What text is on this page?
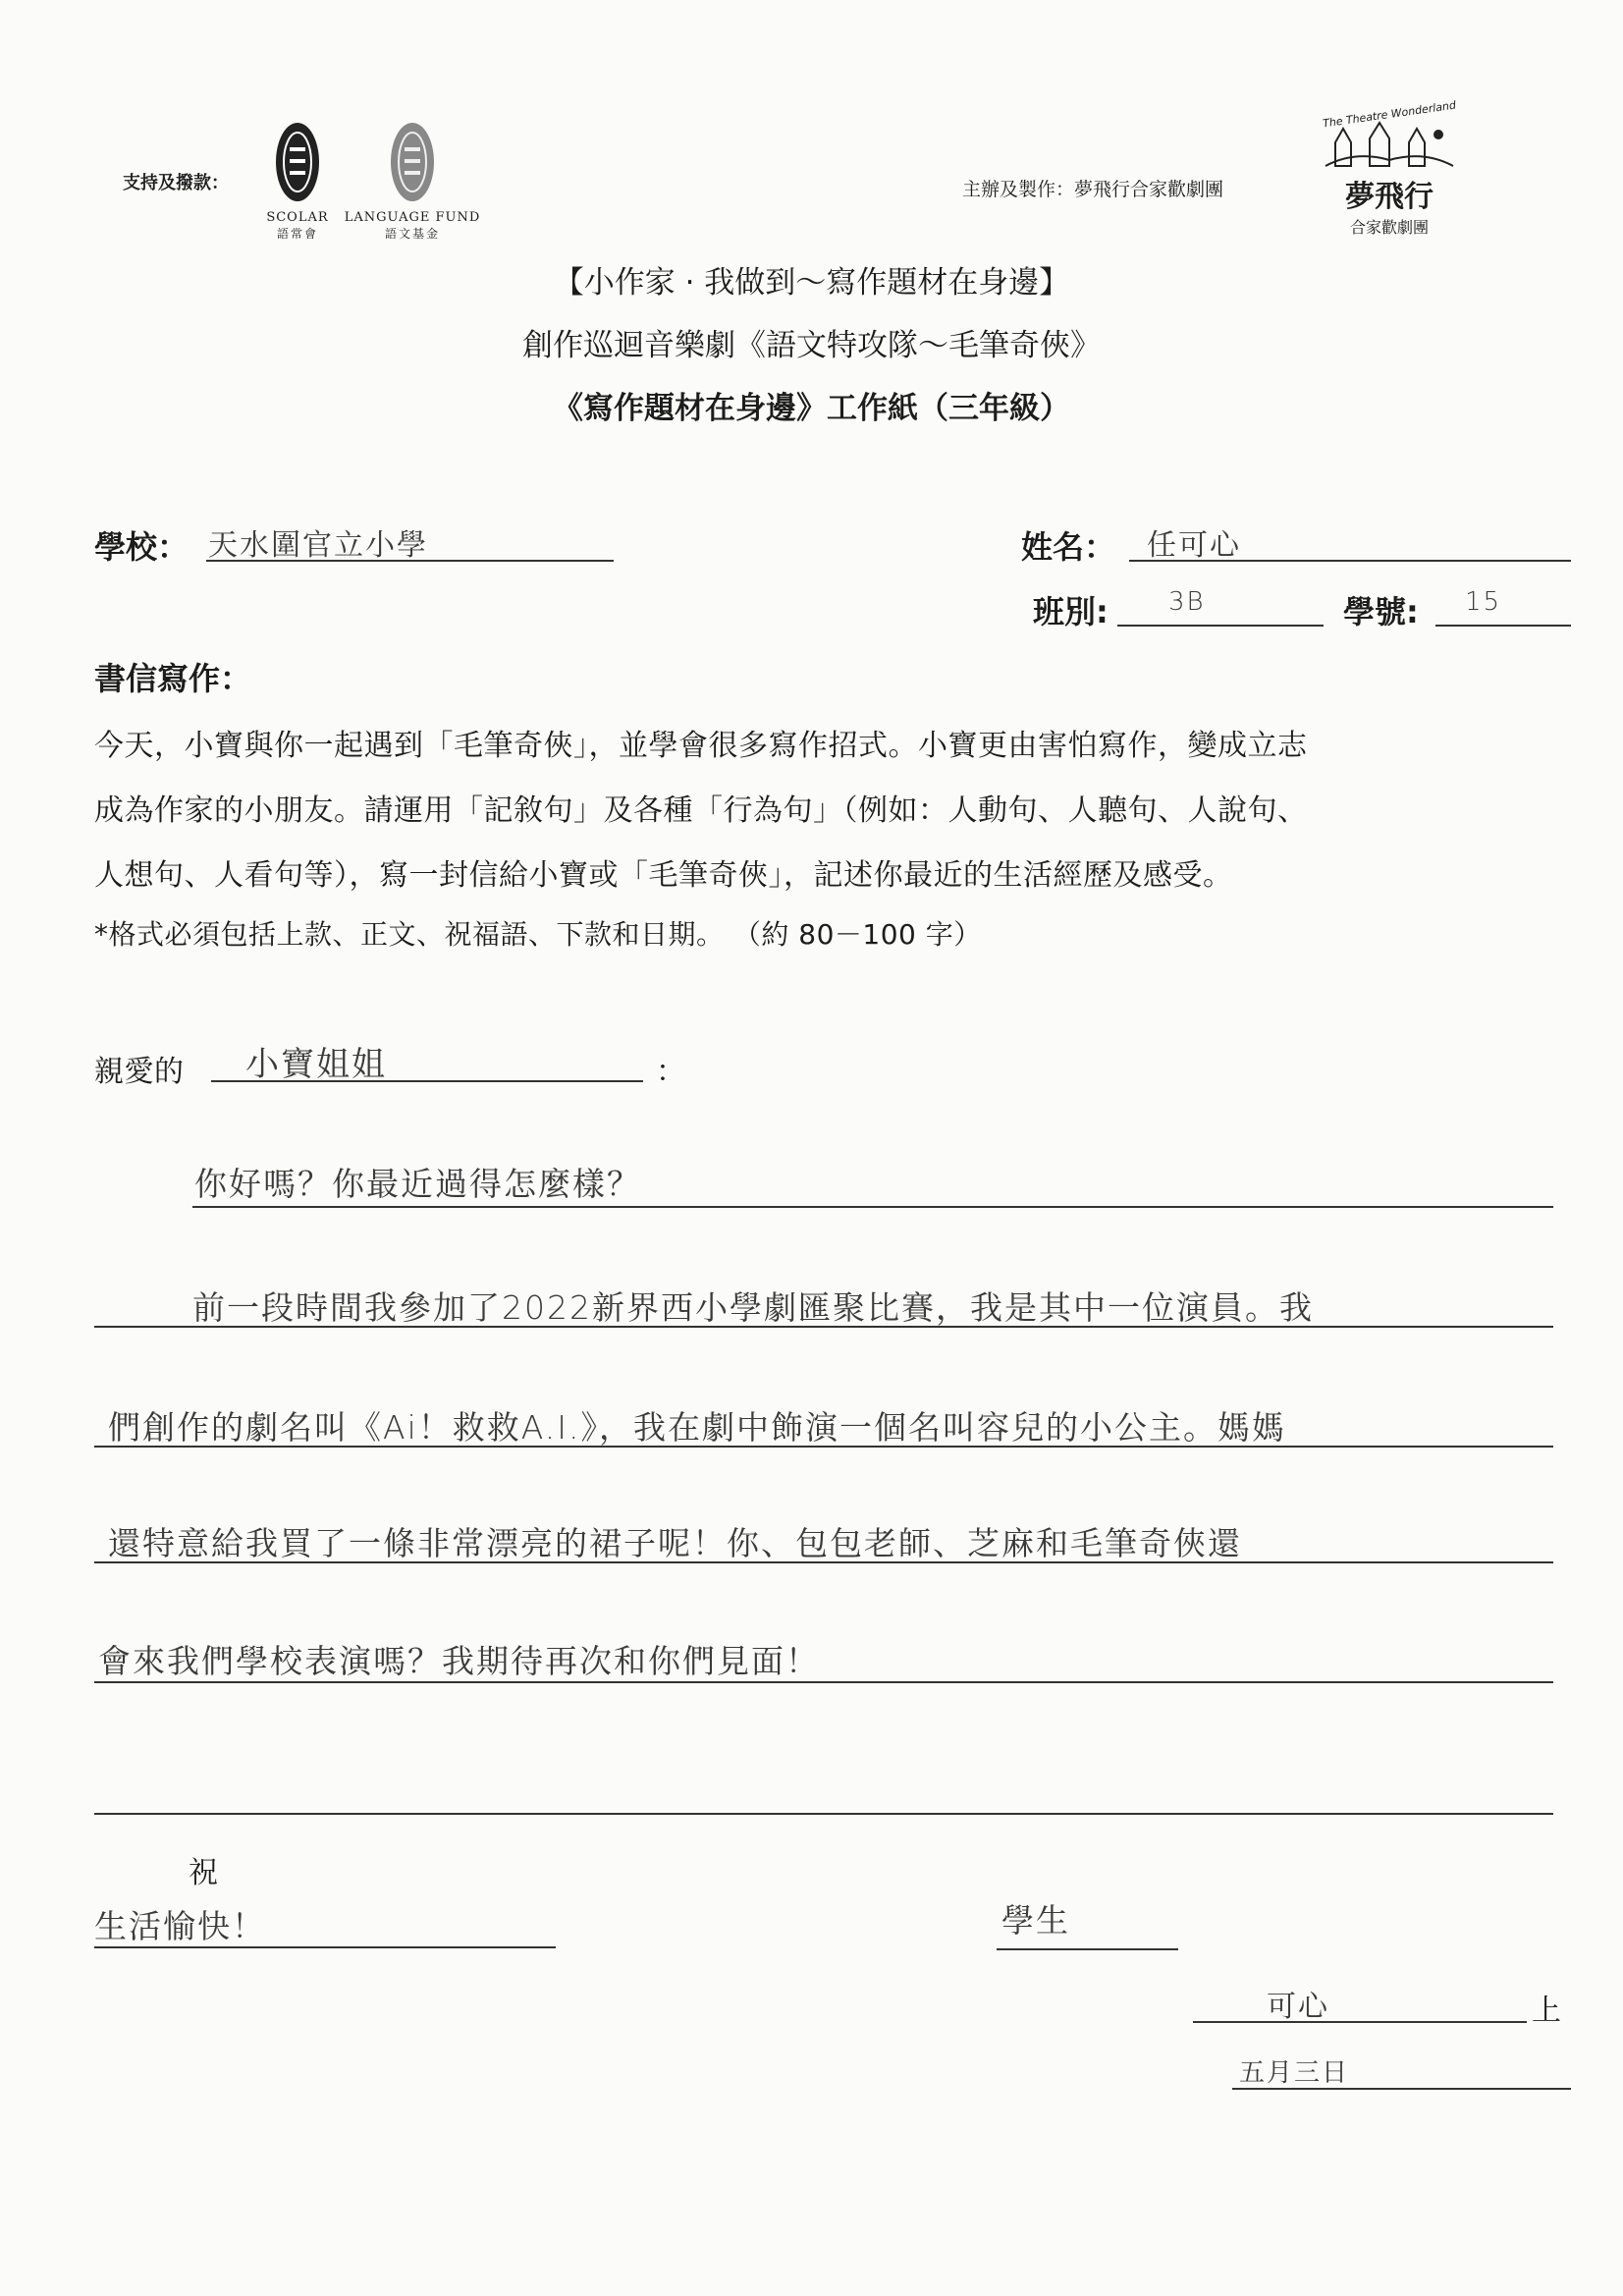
支持及撥款：
SCOLAR
語常會
LANGUAGE FUND
語文基金
主辦及製作：夢飛行合家歡劇團
The Theatre Wonderland
夢飛行
合家歡劇團
【小作家 · 我做到～寫作題材在身邊】
創作巡迴音樂劇《語文特攻隊～毛筆奇俠》
《寫作題材在身邊》工作紙（三年級）
學校： 天水圍官立小學	姓名： 任可心
班別: 3B	學號: 15
書信寫作：
今天，小寶與你一起遇到「毛筆奇俠」，並學會很多寫作招式。小寶更由害怕寫作，變成立志
成為作家的小朋友。請運用「記敘句」及各種「行為句」（例如：人動句、人聽句、人說句、
人想句、人看句等），寫一封信給小寶或「毛筆奇俠」，記述你最近的生活經歷及感受。
*格式必須包括上款、正文、祝福語、下款和日期。 （約 80－100 字）
親愛的 小寶姐姐	：
你好嗎？你最近過得怎麼樣？
前一段時間我參加了2022新界西小學劇匯聚比賽，我是其中一位演員。我
們創作的劇名叫《Ai！救救A.I.》，我在劇中飾演一個名叫容兒的小公主。媽媽
還特意給我買了一條非常漂亮的裙子呢！你、包包老師、芝麻和毛筆奇俠還
會來我們學校表演嗎？我期待再次和你們見面！
祝
生活愉快！	學生
可心	上
五月三日
